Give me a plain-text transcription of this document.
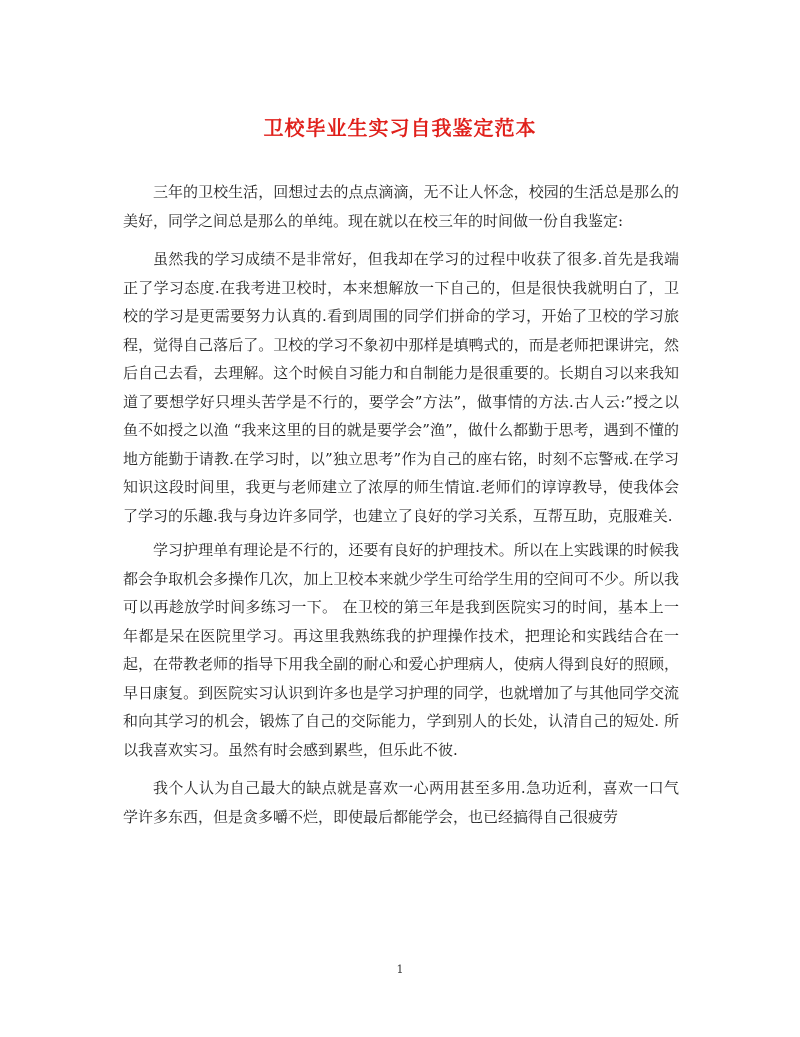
卫校毕业生实习自我鉴定范本

三年的卫校生活，回想过去的点点滴滴，无不让人怀念，校园的生活总是那么的美好，同学之间总是那么的单纯。现在就以在校三年的时间做一份自我鉴定:

虽然我的学习成绩不是非常好，但我却在学习的过程中收获了很多.首先是我端正了学习态度.在我考进卫校时，本来想解放一下自己的，但是很快我就明白了，卫校的学习是更需要努力认真的.看到周围的同学们拼命的学习，开始了卫校的学习旅程，觉得自己落后了。卫校的学习不象初中那样是填鸭式的，而是老师把课讲完，然后自己去看，去理解。这个时候自习能力和自制能力是很重要的。长期自习以来我知道了要想学好只埋头苦学是不行的，要学会”方法”，做事情的方法.古人云:”授之以鱼不如授之以渔 “我来这里的目的就是要学会”渔”，做什么都勤于思考，遇到不懂的地方能勤于请教.在学习时，以”独立思考”作为自己的座右铭，时刻不忘警戒.在学习知识这段时间里，我更与老师建立了浓厚的师生情谊.老师们的谆谆教导，使我体会了学习的乐趣.我与身边许多同学，也建立了良好的学习关系，互帮互助，克服难关.

学习护理单有理论是不行的，还要有良好的护理技术。所以在上实践课的时候我都会争取机会多操作几次，加上卫校本来就少学生可给学生用的空间可不少。所以我可以再趁放学时间多练习一下。 在卫校的第三年是我到医院实习的时间，基本上一年都是呆在医院里学习。再这里我熟练我的护理操作技术，把理论和实践结合在一起，在带教老师的指导下用我全副的耐心和爱心护理病人，使病人得到良好的照顾，早日康复。到医院实习认识到许多也是学习护理的同学，也就增加了与其他同学交流和向其学习的机会，锻炼了自己的交际能力，学到别人的长处，认清自己的短处. 所以我喜欢实习。虽然有时会感到累些，但乐此不彼.

我个人认为自己最大的缺点就是喜欢一心两用甚至多用.急功近利，喜欢一口气学许多东西，但是贪多嚼不烂，即使最后都能学会，也已经搞得自己很疲劳

1
